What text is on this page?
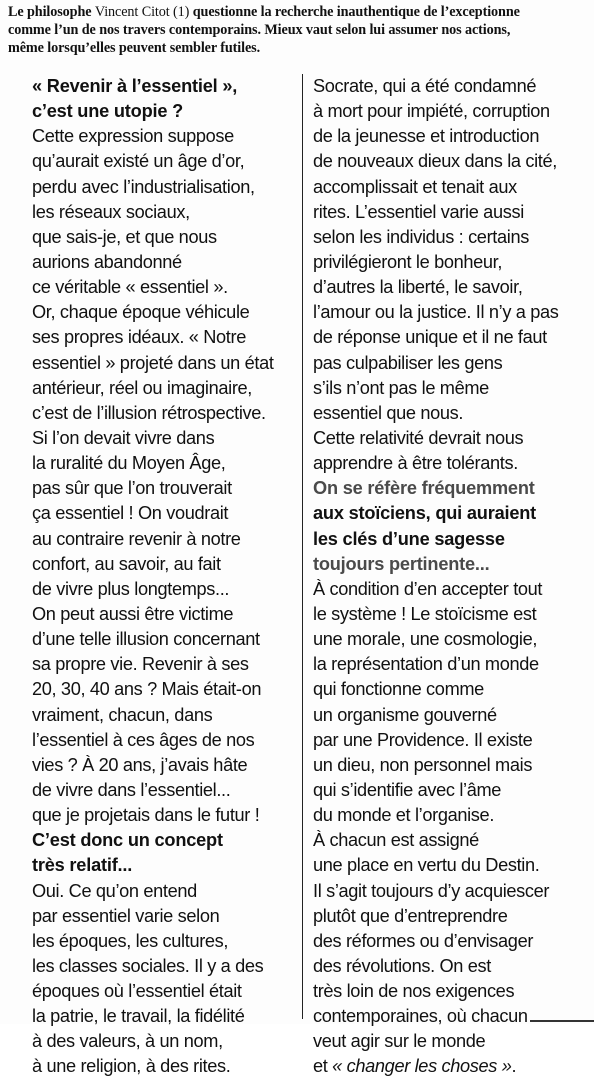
Le philosophe Vincent Citot (1) questionne la recherche inauthentique de l’exceptionne
comme l’un de nos travers contemporains. Mieux vaut selon lui assumer nos actions,
même lorsqu’elles peuvent sembler futiles.
« Revenir à l’essentiel »,
c’est une utopie ?
Cette expression suppose
qu’aurait existé un âge d’or,
perdu avec l’industrialisation,
les réseaux sociaux,
que sais-je, et que nous
aurions abandonné
ce véritable « essentiel ».
Or, chaque époque véhicule
ses propres idéaux. « Notre
essentiel » projeté dans un état
antérieur, réel ou imaginaire,
c’est de l’illusion rétrospective.
Si l’on devait vivre dans
la ruralité du Moyen Âge,
pas sûr que l’on trouverait
ça essentiel ! On voudrait
au contraire revenir à notre
confort, au savoir, au fait
de vivre plus longtemps...
On peut aussi être victime
d’une telle illusion concernant
sa propre vie. Revenir à ses
20, 30, 40 ans ? Mais était-on
vraiment, chacun, dans
l’essentiel à ces âges de nos
vies ? À 20 ans, j’avais hâte
de vivre dans l’essentiel...
que je projetais dans le futur !
C’est donc un concept
très relatif...
Oui. Ce qu’on entend
par essentiel varie selon
les époques, les cultures,
les classes sociales. Il y a des
époques où l’essentiel était
la patrie, le travail, la fidélité
à des valeurs, à un nom,
à une religion, à des rites.
Socrate, qui a été condamné
à mort pour impiété, corruption
de la jeunesse et introduction
de nouveaux dieux dans la cité,
accomplissait et tenait aux
rites. L’essentiel varie aussi
selon les individus : certains
privilégieront le bonheur,
d’autres la liberté, le savoir,
l’amour ou la justice. Il n’y a pas
de réponse unique et il ne faut
pas culpabiliser les gens
s’ils n’ont pas le même
essentiel que nous.
Cette relativité devrait nous
apprendre à être tolérants.
On se réfère fréquemment
aux stoïciens, qui auraient
les clés d’une sagesse
toujours pertinente...
À condition d’en accepter tout
le système ! Le stoïcisme est
une morale, une cosmologie,
la représentation d’un monde
qui fonctionne comme
un organisme gouverné
par une Providence. Il existe
un dieu, non personnel mais
qui s’identifie avec l’âme
du monde et l’organise.
À chacun est assigné
une place en vertu du Destin.
Il s’agit toujours d’y acquiescer
plutôt que d’entreprendre
des réformes ou d’envisager
des révolutions. On est
très loin de nos exigences
contemporaines, où chacun
veut agir sur le monde
et « changer les choses ».
